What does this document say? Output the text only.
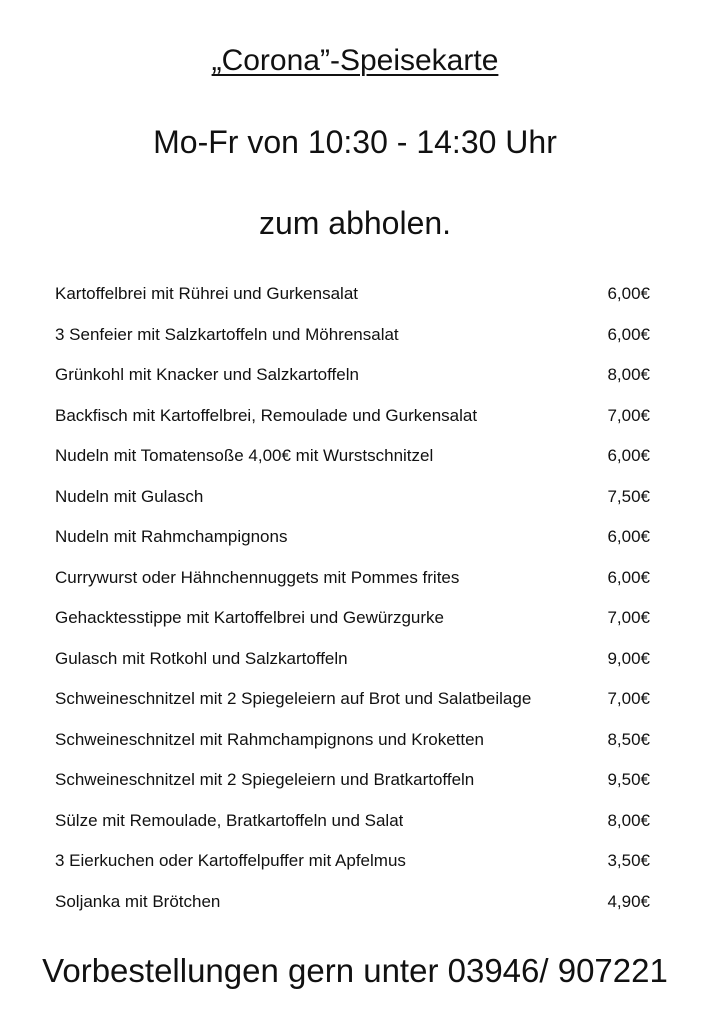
„Corona”-Speisekarte
Mo-Fr von 10:30 - 14:30 Uhr
zum abholen.
Kartoffelbrei mit Rührei und Gurkensalat	6,00€
3 Senfeier mit Salzkartoffeln und Möhrensalat	6,00€
Grünkohl mit Knacker und Salzkartoffeln	8,00€
Backfisch mit Kartoffelbrei, Remoulade und Gurkensalat	7,00€
Nudeln mit Tomatensoße 4,00€ mit Wurstschnitzel	6,00€
Nudeln mit Gulasch	7,50€
Nudeln mit Rahmchampignons	6,00€
Currywurst oder Hähnchennuggets mit Pommes frites	6,00€
Gehacktesstippe mit Kartoffelbrei und Gewürzgurke	7,00€
Gulasch mit Rotkohl und Salzkartoffeln	9,00€
Schweineschnitzel mit 2 Spiegeleiern auf Brot und Salatbeilage	7,00€
Schweineschnitzel mit Rahmchampignons und Kroketten	8,50€
Schweineschnitzel mit 2 Spiegeleiern und Bratkartoffeln	9,50€
Sülze mit Remoulade, Bratkartoffeln und Salat	8,00€
3 Eierkuchen oder Kartoffelpuffer mit Apfelmus	3,50€
Soljanka mit Brötchen	4,90€
Vorbestellungen gern unter 03946/ 907221
